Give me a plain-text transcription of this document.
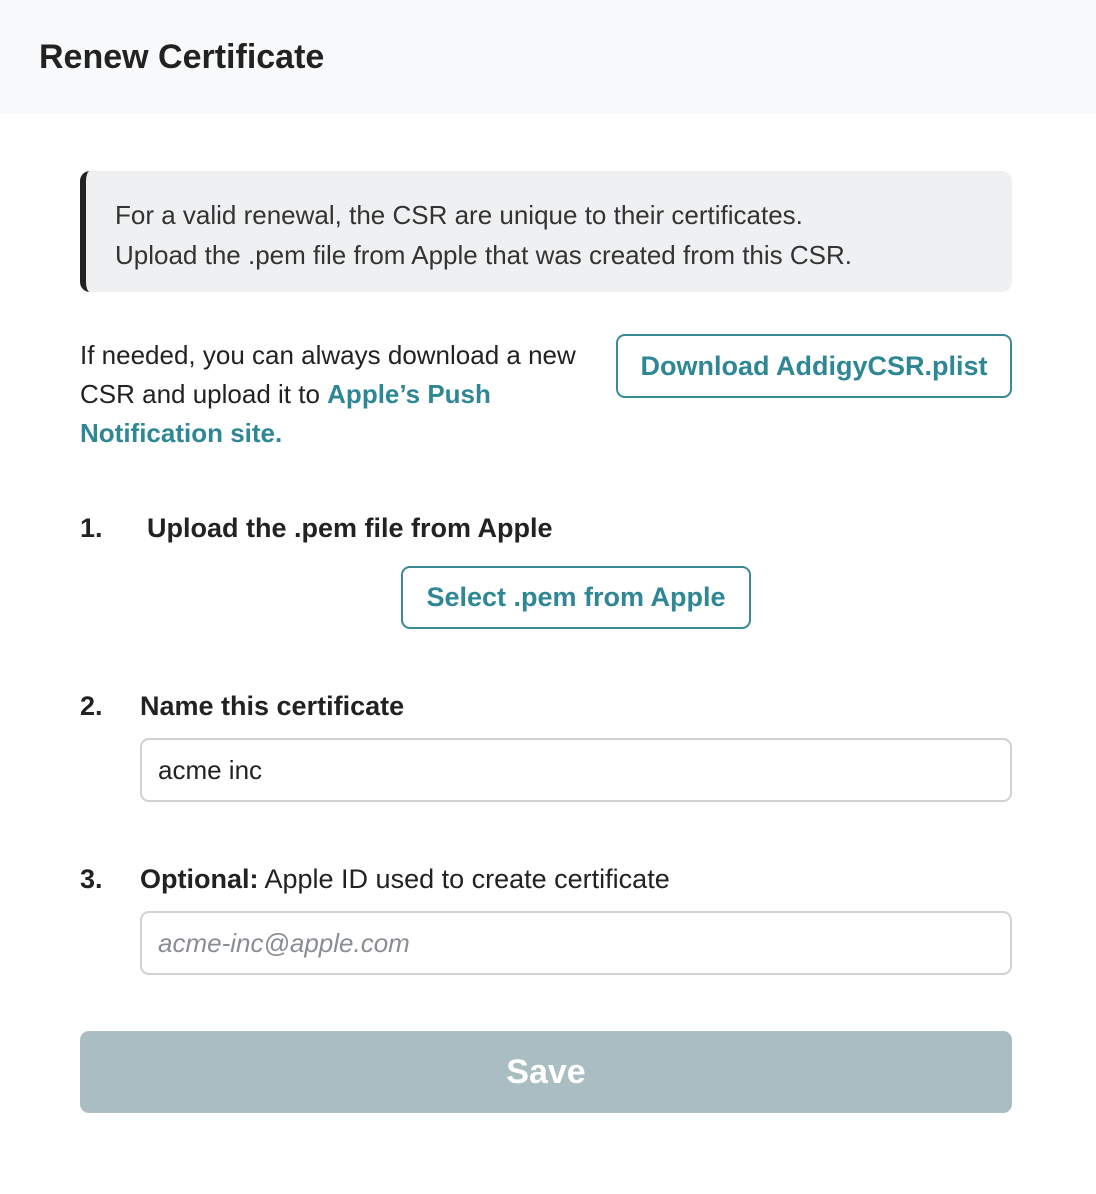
Renew Certificate
For a valid renewal, the CSR are unique to their certificates.
Upload the .pem file from Apple that was created from this CSR.
If needed, you can always download a new CSR and upload it to Apple’s Push Notification site.
Download AddigyCSR.plist
1. Upload the .pem file from Apple
Select .pem from Apple
2. Name this certificate
acme inc
3. Optional: Apple ID used to create certificate
acme-inc@apple.com
Save
